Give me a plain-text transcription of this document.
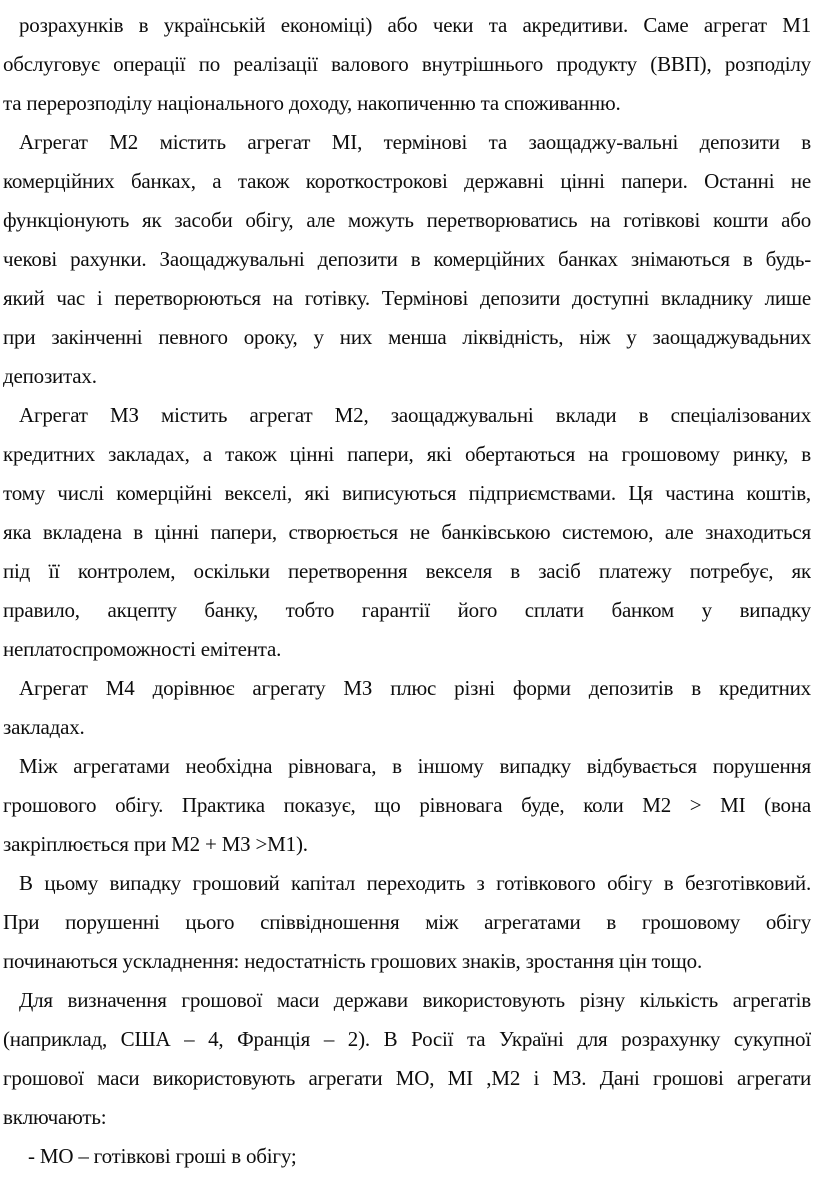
розрахунків в українській економіці) або чеки та акредитиви. Саме агрегат М1
обслуговує операції по реалізації валового внутрішнього продукту (ВВП), розподілу
та перерозподілу національного доходу, накопиченню та споживанню.
Агрегат М2 містить агрегат МІ, термінові та заощаджу-вальні депозити в
комерційних банках, а також короткострокові державні цінні папери. Останні не
функціонують як засоби обігу, але можуть перетворюватись на готівкові кошти або
чекові рахунки. Заощаджувальні депозити в комерційних банках знімаються в будь-
який час і перетворюються на готівку. Термінові депозити доступні вкладнику лише
при закінченні певного ороку, у них менша ліквідність, ніж у заощаджувадьних
депозитах.
Агрегат МЗ містить агрегат М2, заощаджувальні вклади в спеціалізованих
кредитних закладах, а також цінні папери, які обертаються на грошовому ринку, в
тому числі комерційні векселі, які виписуються підприємствами. Ця частина коштів,
яка вкладена в цінні папери, створюється не банківською системою, але знаходиться
під її контролем, оскільки перетворення векселя в засіб платежу потребує, як
правило, акцепту банку, тобто гарантії його сплати банком у випадку
неплатоспроможності емітента.
Агрегат М4 дорівнює агрегату МЗ плюс різні форми депозитів в кредитних
закладах.
Між агрегатами необхідна рівновага, в іншому випадку відбувається порушення
грошового обігу. Практика показує, що рівновага буде, коли М2 > МІ (вона
закріплюється при М2 + МЗ >М1).
В цьому випадку грошовий капітал переходить з готівкового обігу в безготівковий.
При порушенні цього співвідношення між агрегатами в грошовому обігу
починаються ускладнення: недостатність грошових знаків, зростання цін тощо.
Для визначення грошової маси держави використовують різну кількість агрегатів
(наприклад, США – 4, Франція – 2). В Росії та Україні для розрахунку сукупної
грошової маси використовують агрегати МО, МІ ,М2 і МЗ. Дані грошові агрегати
включають:
- МО – готівкові гроші в обігу;
